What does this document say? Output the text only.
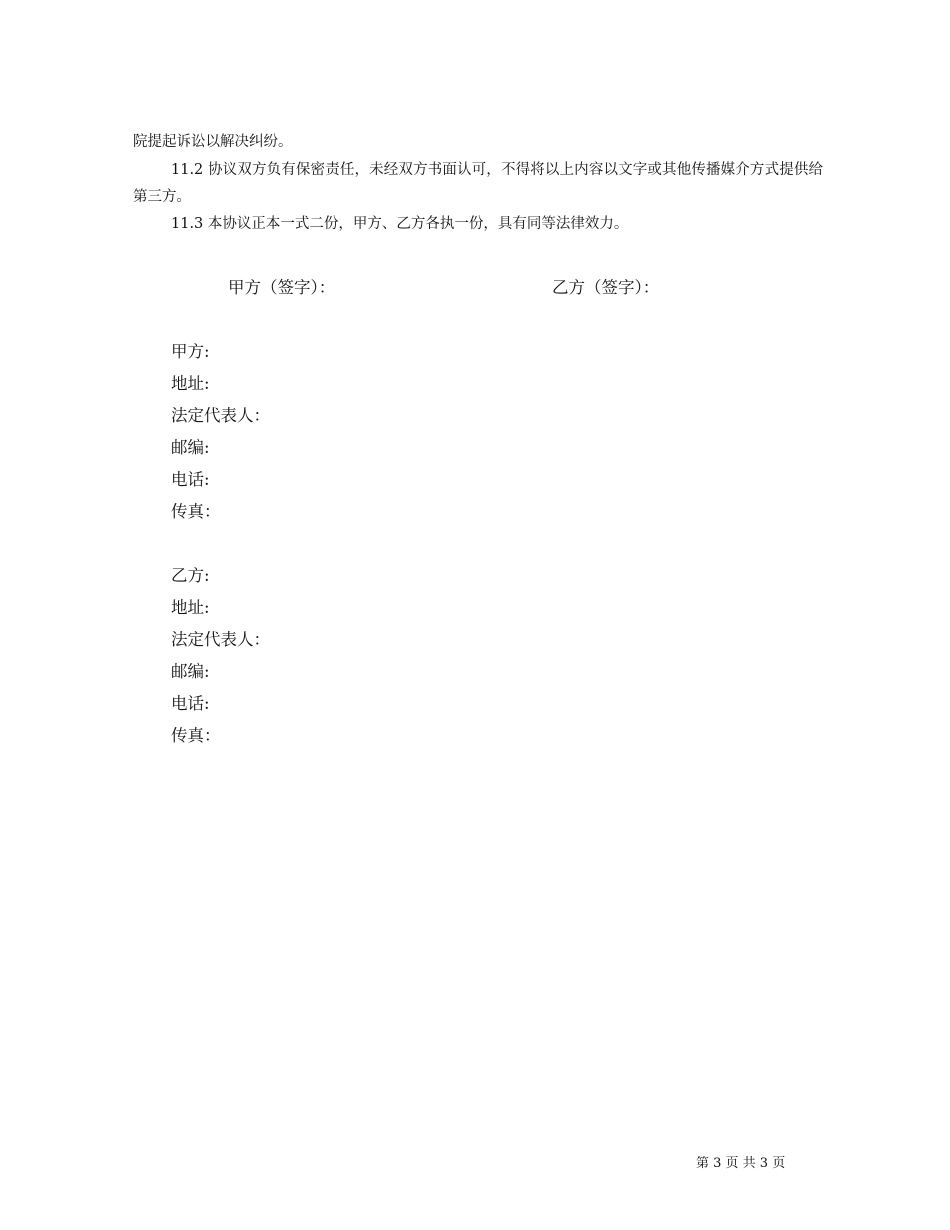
院提起诉讼以解决纠纷。

11.2 协议双方负有保密责任，未经双方书面认可，不得将以上内容以文字或其他传播媒介方式提供给第三方。

11.3 本协议正本一式二份，甲方、乙方各执一份，具有同等法律效力。

甲方（签字）：	乙方（签字）：
甲方:
地址:
法定代表人：
邮编:
电话:
传真：
乙方:
地址:
法定代表人：
邮编:
电话:
传真：
第 3 页 共 3 页
